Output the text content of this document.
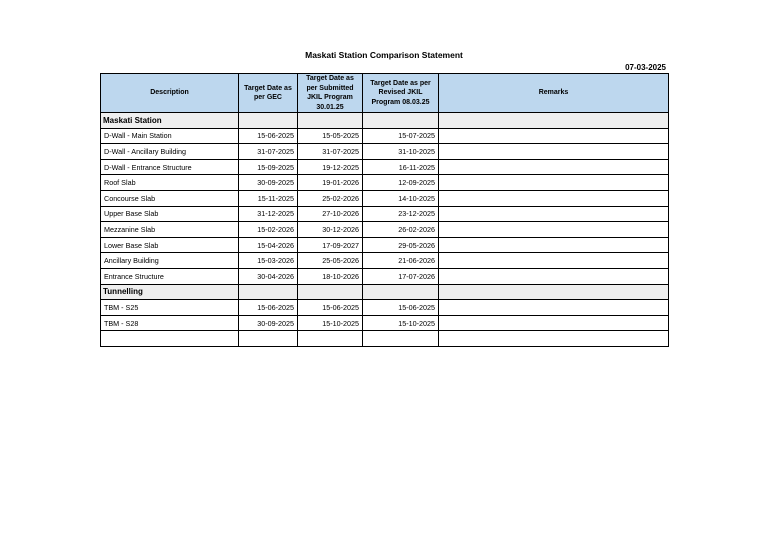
Maskati Station Comparison Statement
07-03-2025
Description	Target Date as per GEC	Target Date as per Submitted JKIL Program 30.01.25	Target Date as per Revised JKIL Program 08.03.25	Remarks
Maskati Station				
D-Wall - Main Station	15-06-2025	15-05-2025	15-07-2025	
D-Wall - Ancillary Building	31-07-2025	31-07-2025	31-10-2025	
D-Wall - Entrance Structure	15-09-2025	19-12-2025	16-11-2025	
Roof Slab	30-09-2025	19-01-2026	12-09-2025	
Concourse Slab	15-11-2025	25-02-2026	14-10-2025	
Upper Base Slab	31-12-2025	27-10-2026	23-12-2025	
Mezzanine Slab	15-02-2026	30-12-2026	26-02-2026	
Lower Base Slab	15-04-2026	17-09-2027	29-05-2026	
Ancillary Building	15-03-2026	25-05-2026	21-06-2026	
Entrance Structure	30-04-2026	18-10-2026	17-07-2026	
Tunnelling				
TBM - S25	15-06-2025	15-06-2025	15-06-2025	
TBM - S28	30-09-2025	15-10-2025	15-10-2025	
